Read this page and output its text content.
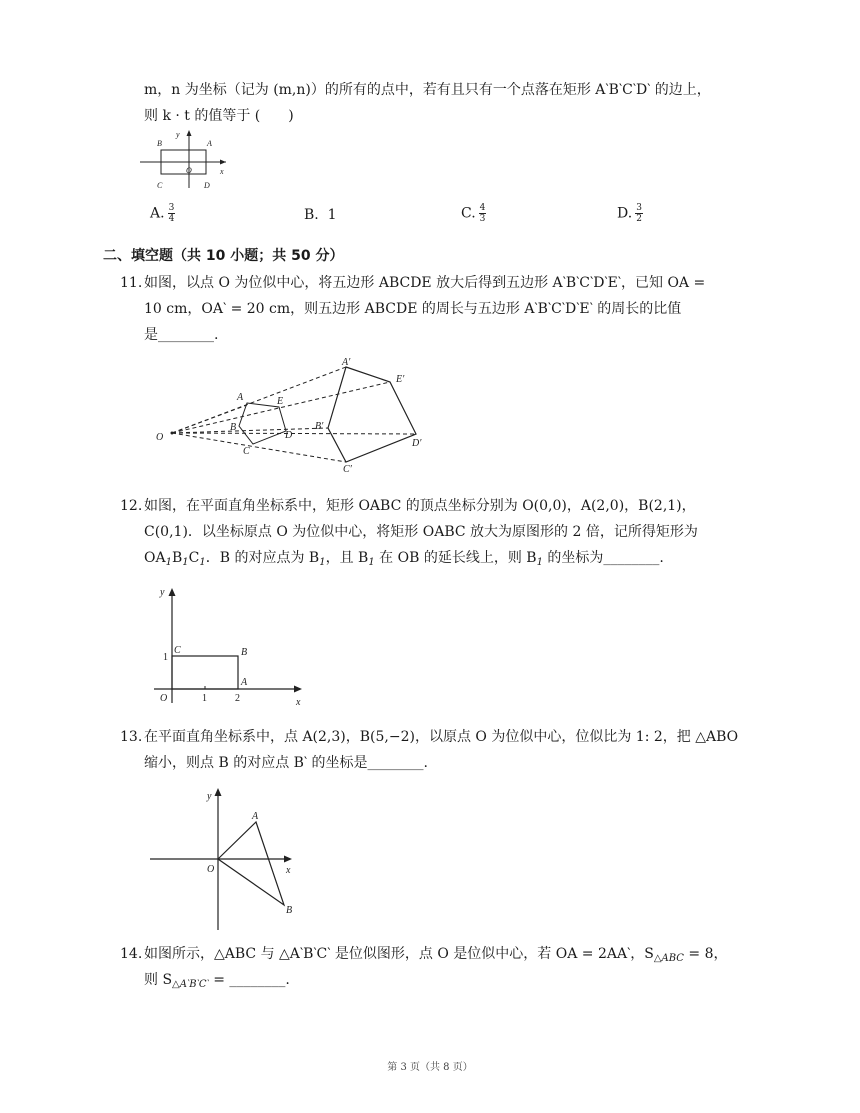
m，n 为坐标（记为 (m,n)）的所有的点中，若有且只有一个点落在矩形 A‵B‵C‵D‵ 的边上，
则 k · t 的值等于 (　　)
y
x
B	A
O
C	D
A. $\frac{3}{4}$	B. 1	C. $\frac{4}{3}$	D. $\frac{3}{2}$
二、填空题（共 10 小题；共 50 分）
11. 如图，以点 O 为位似中心，将五边形 ABCDE 放大后得到五边形 A‵B‵C‵D‵E‵，已知 OA =
10 cm，OA‵ = 20 cm，则五边形 ABCDE 的周长与五边形 A‵B‵C‵D‵E‵ 的周长的比值
是________.
O
A	E
B
D
C
A′
E′
B′
D′
C′
12. 如图，在平面直角坐标系中，矩形 OABC 的顶点坐标分别为 O(0,0)，A(2,0)，B(2,1)，
C(0,1)．以坐标原点 O 为位似中心，将矩形 OABC 放大为原图形的 2 倍，记所得矩形为
$OA_1B_1C_1$．B 的对应点为 $B_1$，且 $B_1$ 在 OB 的延长线上，则 $B_1$ 的坐标为________.
y
x
C	B
A
O
1
1	2
13. 在平面直角坐标系中，点 A(2,3)，B(5,−2)，以原点 O 为位似中心，位似比为 1: 2，把 △ABO
缩小，则点 B 的对应点 B‵ 的坐标是________.
y
x
O
A
B
14. 如图所示，△ABC 与 △A‵B‵C‵ 是位似图形，点 O 是位似中心，若 OA = 2AA‵，$S_{\triangle ABC} = 8$，
则 $S_{\triangle A‵B‵C‵}$ = ________.
第 3 页（共 8 页）
